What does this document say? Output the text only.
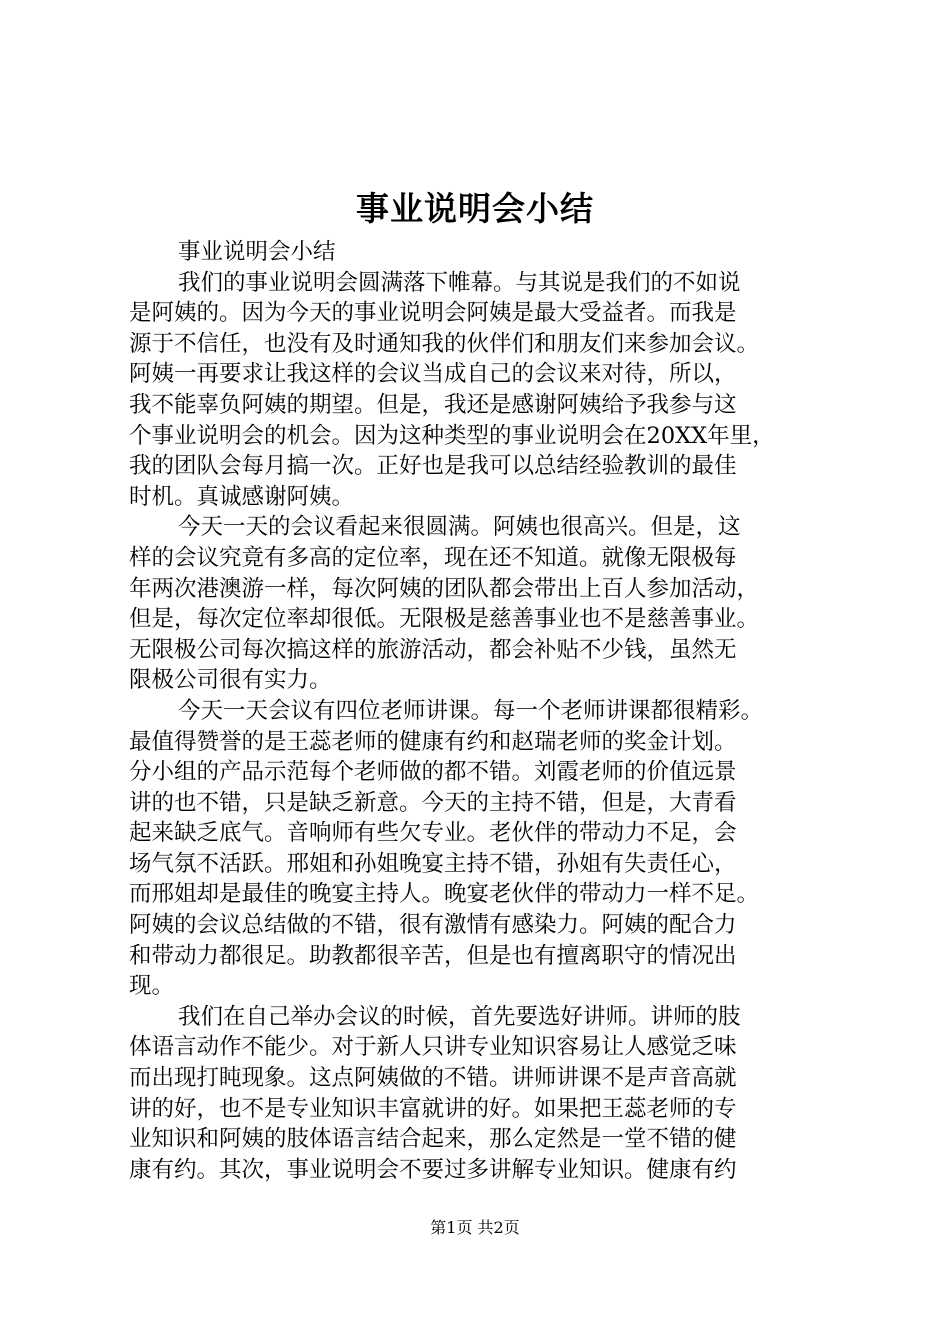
事业说明会小结
事业说明会小结
我们的事业说明会圆满落下帷幕。与其说是我们的不如说
是阿姨的。因为今天的事业说明会阿姨是最大受益者。而我是
源于不信任，也没有及时通知我的伙伴们和朋友们来参加会议。
阿姨一再要求让我这样的会议当成自己的会议来对待，所以，
我不能辜负阿姨的期望。但是，我还是感谢阿姨给予我参与这
个事业说明会的机会。因为这种类型的事业说明会在20XX年里，
我的团队会每月搞一次。正好也是我可以总结经验教训的最佳
时机。真诚感谢阿姨。
今天一天的会议看起来很圆满。阿姨也很高兴。但是，这
样的会议究竟有多高的定位率，现在还不知道。就像无限极每
年两次港澳游一样，每次阿姨的团队都会带出上百人参加活动，
但是，每次定位率却很低。无限极是慈善事业也不是慈善事业。
无限极公司每次搞这样的旅游活动，都会补贴不少钱，虽然无
限极公司很有实力。
今天一天会议有四位老师讲课。每一个老师讲课都很精彩。
最值得赞誉的是王蕊老师的健康有约和赵瑞老师的奖金计划。
分小组的产品示范每个老师做的都不错。刘霞老师的价值远景
讲的也不错，只是缺乏新意。今天的主持不错，但是，大青看
起来缺乏底气。音响师有些欠专业。老伙伴的带动力不足，会
场气氛不活跃。邢姐和孙姐晚宴主持不错，孙姐有失责任心，
而邢姐却是最佳的晚宴主持人。晚宴老伙伴的带动力一样不足。
阿姨的会议总结做的不错，很有激情有感染力。阿姨的配合力
和带动力都很足。助教都很辛苦，但是也有擅离职守的情况出
现。
我们在自己举办会议的时候，首先要选好讲师。讲师的肢
体语言动作不能少。对于新人只讲专业知识容易让人感觉乏味
而出现打盹现象。这点阿姨做的不错。讲师讲课不是声音高就
讲的好，也不是专业知识丰富就讲的好。如果把王蕊老师的专
业知识和阿姨的肢体语言结合起来，那么定然是一堂不错的健
康有约。其次，事业说明会不要过多讲解专业知识。健康有约
第1页 共2页
